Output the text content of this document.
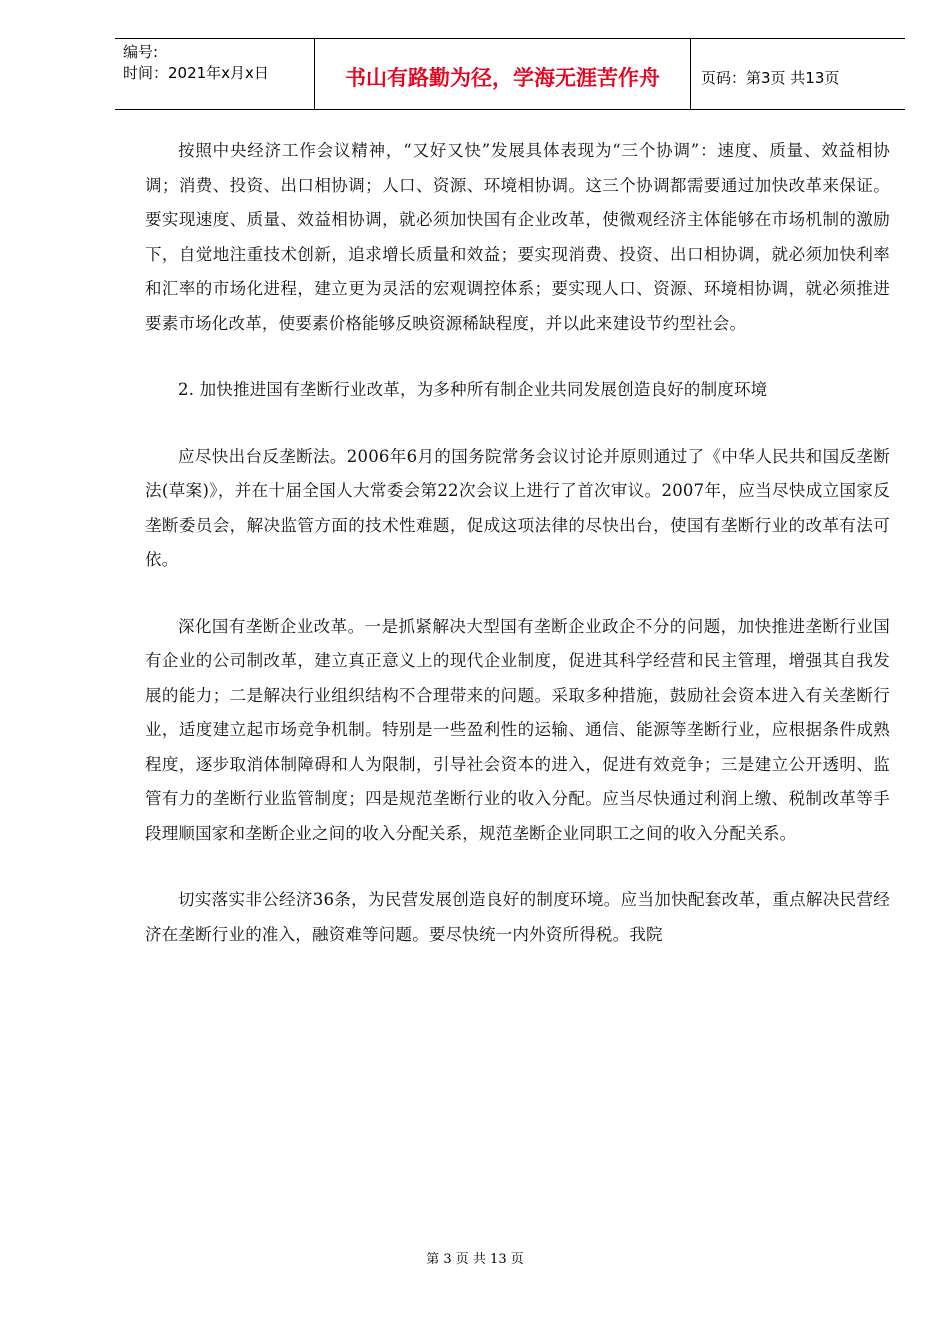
编号:
时间：2021年x月x日	书山有路勤为径，学海无涯苦作舟	页码：第3页 共13页

按照中央经济工作会议精神，“又好又快”发展具体表现为“三个协调”：速度、质量、效益相协调；消费、投资、出口相协调；人口、资源、环境相协调。这三个协调都需要通过加快改革来保证。要实现速度、质量、效益相协调，就必须加快国有企业改革，使微观经济主体能够在市场机制的激励下，自觉地注重技术创新，追求增长质量和效益；要实现消费、投资、出口相协调，就必须加快利率和汇率的市场化进程，建立更为灵活的宏观调控体系；要实现人口、资源、环境相协调，就必须推进要素市场化改革，使要素价格能够反映资源稀缺程度，并以此来建设节约型社会。

2. 加快推进国有垄断行业改革，为多种所有制企业共同发展创造良好的制度环境

应尽快出台反垄断法。2006年6月的国务院常务会议讨论并原则通过了《中华人民共和国反垄断法(草案)》，并在十届全国人大常委会第22次会议上进行了首次审议。2007年，应当尽快成立国家反垄断委员会，解决监管方面的技术性难题，促成这项法律的尽快出台，使国有垄断行业的改革有法可依。

深化国有垄断企业改革。一是抓紧解决大型国有垄断企业政企不分的问题，加快推进垄断行业国有企业的公司制改革，建立真正意义上的现代企业制度，促进其科学经营和民主管理，增强其自我发展的能力；二是解决行业组织结构不合理带来的问题。采取多种措施，鼓励社会资本进入有关垄断行业，适度建立起市场竞争机制。特别是一些盈利性的运输、通信、能源等垄断行业，应根据条件成熟程度，逐步取消体制障碍和人为限制，引导社会资本的进入，促进有效竞争；三是建立公开透明、监管有力的垄断行业监管制度；四是规范垄断行业的收入分配。应当尽快通过利润上缴、税制改革等手段理顺国家和垄断企业之间的收入分配关系，规范垄断企业同职工之间的收入分配关系。

切实落实非公经济36条，为民营发展创造良好的制度环境。应当加快配套改革，重点解决民营经济在垄断行业的准入，融资难等问题。要尽快统一内外资所得税。我院

第 3 页 共 13 页
